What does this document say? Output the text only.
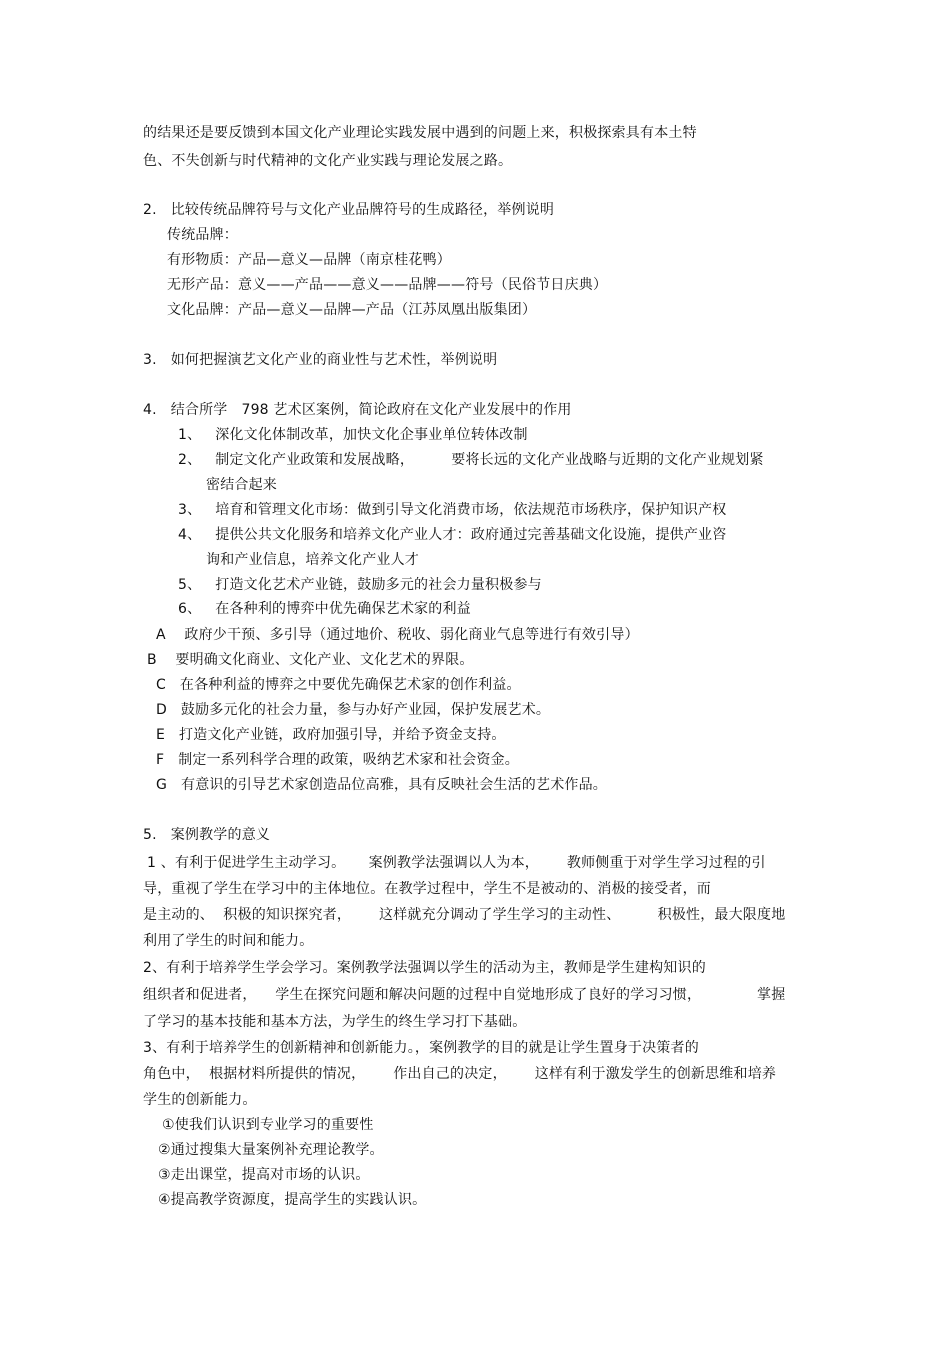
的结果还是要反馈到本国文化产业理论实践发展中遇到的问题上来，积极探索具有本土特
色、不失创新与时代精神的文化产业实践与理论发展之路。
2.   比较传统品牌符号与文化产业品牌符号的生成路径，举例说明
传统品牌：
有形物质：产品—意义—品牌（南京桂花鸭）
无形产品：意义——产品——意义——品牌——符号（民俗节日庆典）
文化品牌：产品—意义—品牌—产品（江苏凤凰出版集团）
3.   如何把握演艺文化产业的商业性与艺术性，举例说明
4.   结合所学   798 艺术区案例，简论政府在文化产业发展中的作用
1、   深化文化体制改革，加快文化企事业单位转体改制
2、   制定文化产业政策和发展战略，        要将长远的文化产业战略与近期的文化产业规划紧
密结合起来
3、   培育和管理文化市场：做到引导文化消费市场，依法规范市场秩序，保护知识产权
4、   提供公共文化服务和培养文化产业人才：政府通过完善基础文化设施，提供产业咨
询和产业信息，培养文化产业人才
5、   打造文化艺术产业链，鼓励多元的社会力量积极参与
6、   在各种利的博弈中优先确保艺术家的利益
A    政府少干预、多引导（通过地价、税收、弱化商业气息等进行有效引导）
B    要明确文化商业、文化产业、文化艺术的界限。
C   在各种利益的博弈之中要优先确保艺术家的创作利益。
D   鼓励多元化的社会力量，参与办好产业园，保护发展艺术。
E   打造文化产业链，政府加强引导，并给予资金支持。
F   制定一系列科学合理的政策，吸纳艺术家和社会资金。
G   有意识的引导艺术家创造品位高雅，具有反映社会生活的艺术作品。
5.   案例教学的意义
1 、有利于促进学生主动学习。     案例教学法强调以人为本，      教师侧重于对学生学习过程的引
导，重视了学生在学习中的主体地位。在教学过程中，学生不是被动的、消极的接受者，而
是主动的、  积极的知识探究者，      这样就充分调动了学生学习的主动性、        积极性，最大限度地
利用了学生的时间和能力。
2、有利于培养学生学会学习。案例教学法强调以学生的活动为主，教师是学生建构知识的
组织者和促进者，    学生在探究问题和解决问题的过程中自觉地形成了良好的学习习惯，            掌握
了学习的基本技能和基本方法，为学生的终生学习打下基础。
3、有利于培养学生的创新精神和创新能力。，案例教学的目的就是让学生置身于决策者的
角色中，  根据材料所提供的情况，      作出自己的决定，      这样有利于激发学生的创新思维和培养
学生的创新能力。
①使我们认识到专业学习的重要性
②通过搜集大量案例补充理论教学。
③走出课堂，提高对市场的认识。
④提高教学资源度，提高学生的实践认识。
